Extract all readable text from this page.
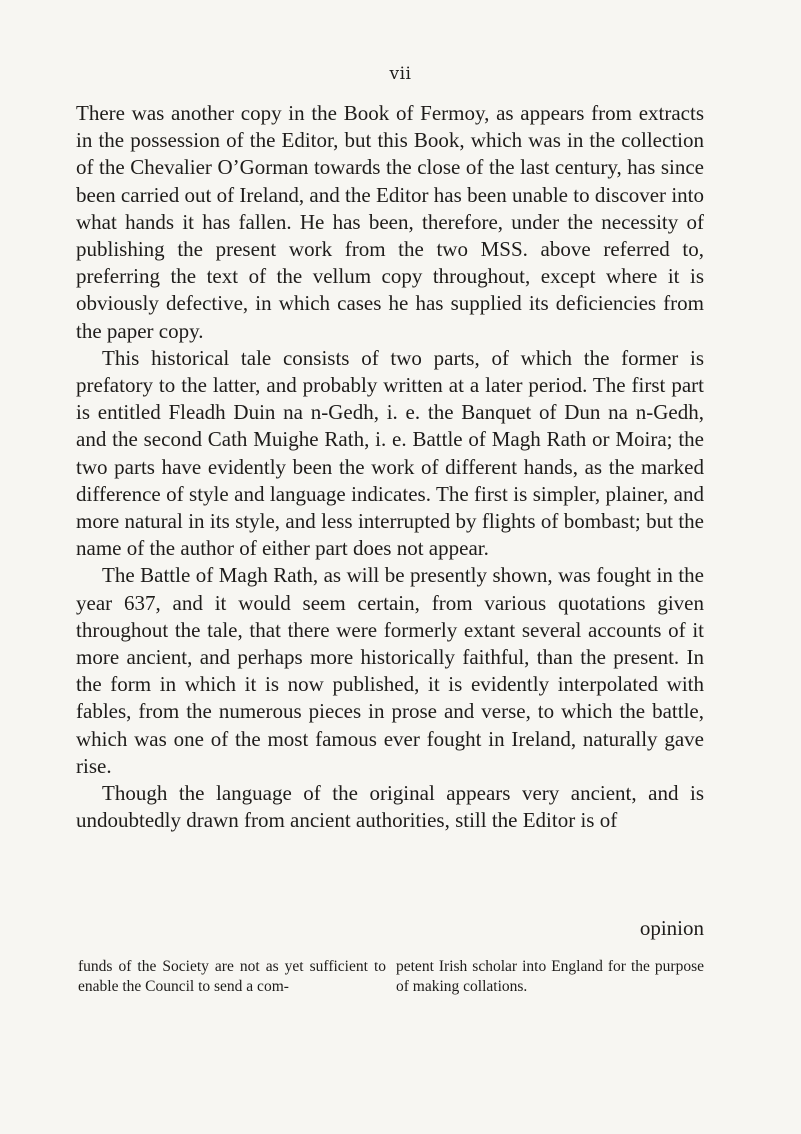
vii

There was another copy in the Book of Fermoy, as appears from extracts in the possession of the Editor, but this Book, which was in the collection of the Chevalier O’Gorman towards the close of the last century, has since been carried out of Ireland, and the Editor has been unable to discover into what hands it has fallen. He has been, therefore, under the necessity of publishing the present work from the two MSS. above referred to, preferring the text of the vellum copy throughout, except where it is obviously defective, in which cases he has supplied its deficiencies from the paper copy.

This historical tale consists of two parts, of which the former is prefatory to the latter, and probably written at a later period. The first part is entitled Fleadh Duin na n-Gedh, i. e. the Banquet of Dun na n-Gedh, and the second Cath Muighe Rath, i. e. Battle of Magh Rath or Moira; the two parts have evidently been the work of different hands, as the marked difference of style and language indicates. The first is simpler, plainer, and more natural in its style, and less interrupted by flights of bombast; but the name of the author of either part does not appear.

The Battle of Magh Rath, as will be presently shown, was fought in the year 637, and it would seem certain, from various quotations given throughout the tale, that there were formerly extant several accounts of it more ancient, and perhaps more historically faithful, than the present. In the form in which it is now published, it is evidently interpolated with fables, from the numerous pieces in prose and verse, to which the battle, which was one of the most famous ever fought in Ireland, naturally gave rise.

Though the language of the original appears very ancient, and is undoubtedly drawn from ancient authorities, still the Editor is of

opinion
funds of the Society are not as yet sufficient to enable the Council to send a com-
petent Irish scholar into England for the purpose of making collations.
